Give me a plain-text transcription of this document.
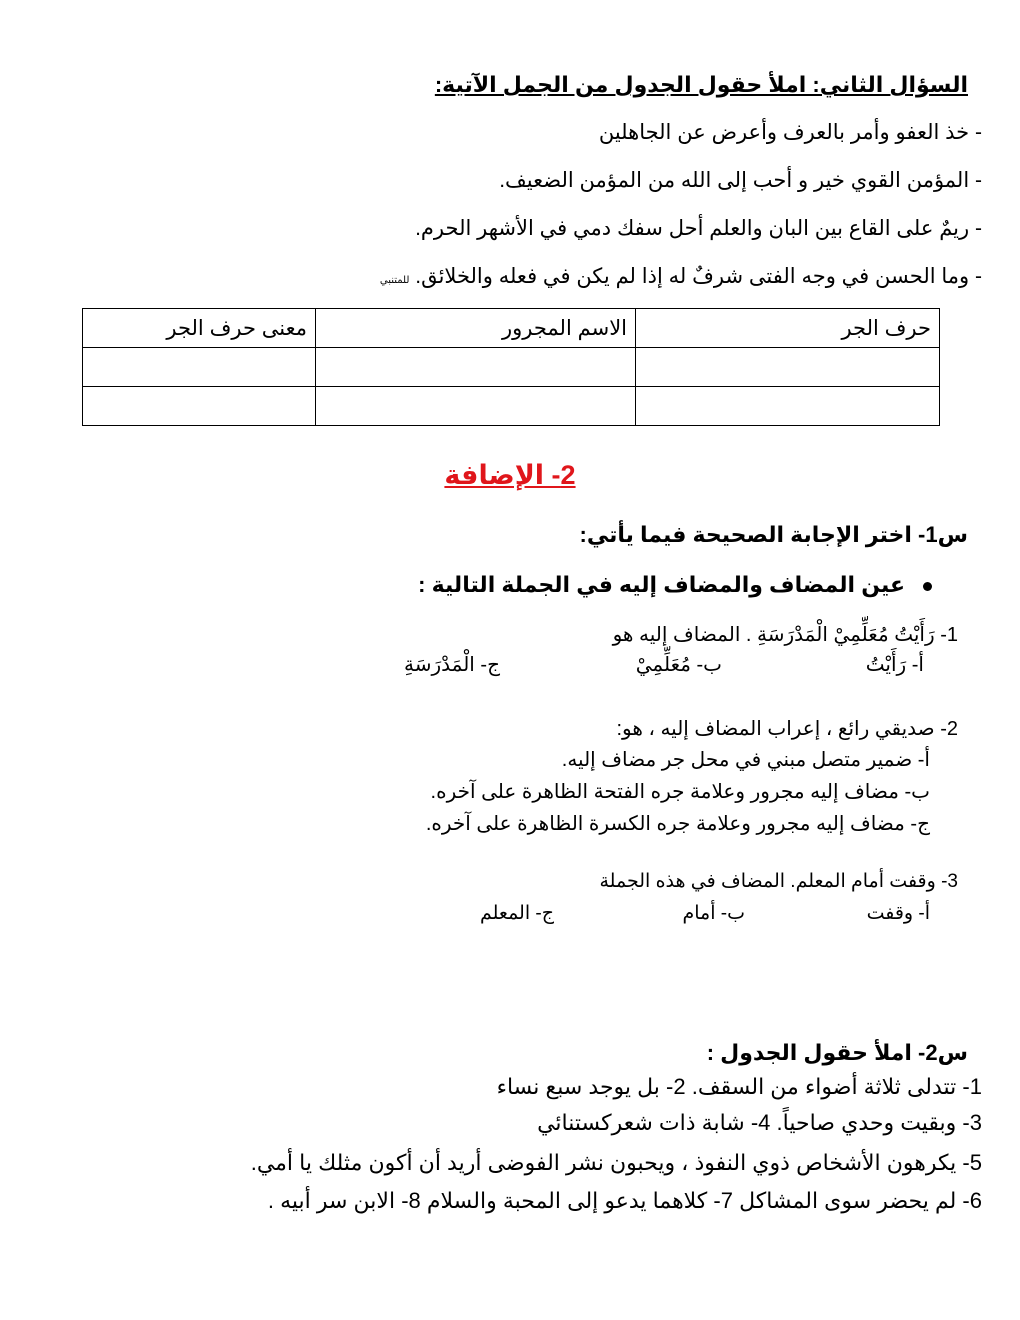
السؤال الثاني: املأ حقول الجدول من الجمل الآتية:
- خذ العفو وأمر بالعرف وأعرض عن الجاهلين
- المؤمن القوي خير و أحب إلى الله من المؤمن الضعيف.
- ريمٌ على القاع بين البان والعلم أحل سفك دمي في الأشهر الحرم.
- وما الحسن في وجه الفتى شرفٌ له إذا لم يكن في فعله والخلائق. للمتنبي
حرف الجر	الاسم المجرور	معنى حرف الجر

2- الإضافة
س1- اختر الإجابة الصحيحة فيما يأتي:
عين المضاف والمضاف إليه في الجملة التالية :
1- رَأَيْتُ مُعَلِّمِيْ الْمَدْرَسَةِ . المضاف إليه هو
أ- رَأَيْتُ
ب- مُعَلِّمِيْ
ج- الْمَدْرَسَةِ
2- صديقي رائع ، إعراب المضاف إليه ، هو:
أ- ضمير متصل مبني في محل جر مضاف إليه.
ب- مضاف إليه مجرور وعلامة جره الفتحة الظاهرة على آخره.
ج- مضاف إليه مجرور وعلامة جره الكسرة الظاهرة على آخره.
3- وقفت أمام المعلم. المضاف في هذه الجملة
أ- وقفت
ب- أمام
ج- المعلم
س2- املأ حقول الجدول :
1- تتدلى ثلاثة أضواء من السقف. 2- بل يوجد سبع نساء
3- وبقيت وحدي صاحياً. 4- شابة ذات شعركستنائي
5- يكرهون الأشخاص ذوي النفوذ ، ويحبون نشر الفوضى أريد أن أكون مثلك يا أمي.
6- لم يحضر سوى المشاكل 7- كلاهما يدعو إلى المحبة والسلام 8- الابن سر أبيه .
